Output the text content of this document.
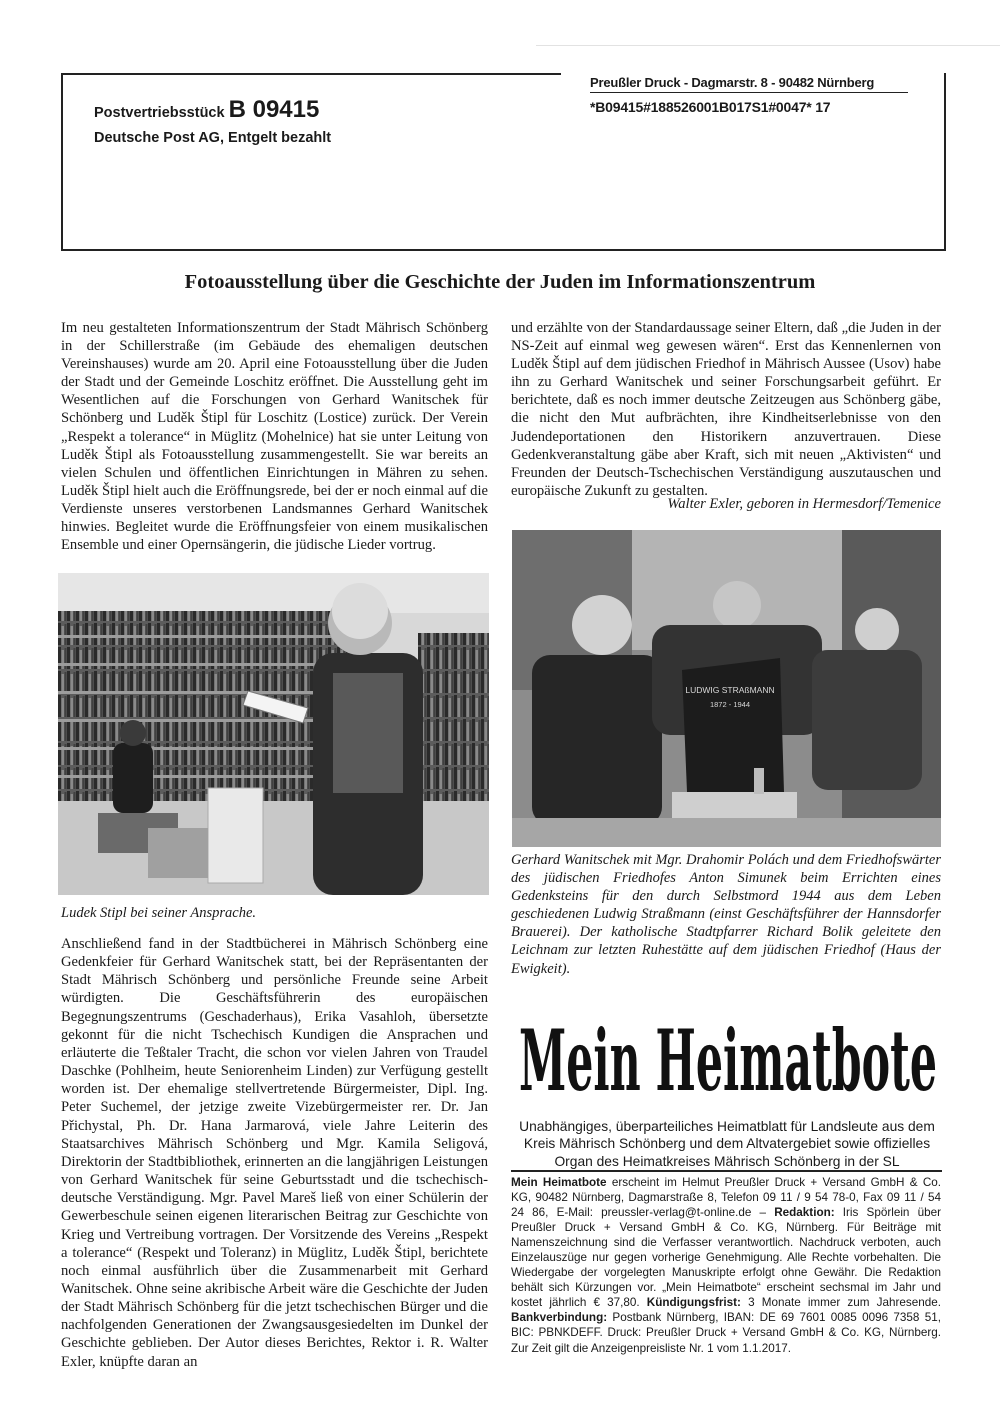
Postvertriebsstück B 09415
Deutsche Post AG, Entgelt bezahlt
Preußler Druck - Dagmarstr. 8 - 90482 Nürnberg
*B09415#188526001B017S1#0047* 17
Fotoausstellung über die Geschichte der Juden im Informationszentrum
Im neu gestalteten Informationszentrum der Stadt Mährisch Schönberg in der Schillerstraße (im Gebäude des ehemaligen deutschen Vereinshauses) wurde am 20. April eine Fotoausstellung über die Juden der Stadt und der Gemeinde Loschitz eröffnet. Die Ausstellung geht im Wesentlichen auf die Forschungen von Gerhard Wanitschek für Schönberg und Luděk Štipl für Loschitz (Lostice) zurück. Der Verein „Respekt a tolerance“ in Müglitz (Mohelnice) hat sie unter Leitung von Luděk Štipl als Fotoausstellung zusammengestellt. Sie war bereits an vielen Schulen und öffentlichen Einrichtungen in Mähren zu sehen. Luděk Štipl hielt auch die Eröffnungsrede, bei der er noch einmal auf die Verdienste unseres verstorbenen Landsmannes Gerhard Wanitschek hinwies. Begleitet wurde die Eröffnungsfeier von einem musikalischen Ensemble und einer Opernsängerin, die jüdische Lieder vortrug.
Ludek Stipl bei seiner Ansprache.
Anschließend fand in der Stadtbücherei in Mährisch Schönberg eine Gedenkfeier für Gerhard Wanitschek statt, bei der Repräsentanten der Stadt Mährisch Schönberg und persönliche Freunde seine Arbeit würdigten. Die Geschäftsführerin des europäischen Begegnungszentrums (Geschaderhaus), Erika Vasahloh, übersetzte gekonnt für die nicht Tschechisch Kundigen die Ansprachen und erläuterte die Teßtaler Tracht, die schon vor vielen Jahren von Traudel Daschke (Pohlheim, heute Seniorenheim Linden) zur Verfügung gestellt worden ist. Der ehemalige stellvertretende Bürgermeister, Dipl. Ing. Peter Suchemel, der jetzige zweite Vizebürgermeister rer. Dr. Jan Přichystal, Ph. Dr. Hana Jarmarová, viele Jahre Leiterin des Staatsarchives Mährisch Schönberg und Mgr. Kamila Seligová, Direktorin der Stadtbibliothek, erinnerten an die langjährigen Leistungen von Gerhard Wanitschek für seine Geburtsstadt und die tschechisch-deutsche Verständigung. Mgr. Pavel Mareš ließ von einer Schülerin der Gewerbeschule seinen eigenen literarischen Beitrag zur Geschichte von Krieg und Vertreibung vortragen. Der Vorsitzende des Vereins „Respekt a tolerance“ (Respekt und Toleranz) in Müglitz, Luděk Štipl, berichtete noch einmal ausführlich über die Zusammenarbeit mit Gerhard Wanitschek. Ohne seine akribische Arbeit wäre die Geschichte der Juden der Stadt Mährisch Schönberg für die jetzt tschechischen Bürger und die nachfolgenden Generationen der Zwangsausgesiedelten im Dunkel der Geschichte geblieben. Der Autor dieses Berichtes, Rektor i. R. Walter Exler, knüpfte daran an
und erzählte von der Standardaussage seiner Eltern, daß „die Juden in der NS-Zeit auf einmal weg gewesen wären“. Erst das Kennenlernen von Luděk Štipl auf dem jüdischen Friedhof in Mährisch Aussee (Usov) habe ihn zu Gerhard Wanitschek und seiner Forschungsarbeit geführt. Er berichtete, daß es noch immer deutsche Zeitzeugen aus Schönberg gäbe, die nicht den Mut aufbrächten, ihre Kindheitserlebnisse von den Judendeportationen den Historikern anzuvertrauen. Diese Gedenkveranstaltung gäbe aber Kraft, sich mit neuen „Aktivisten“ und Freunden der Deutsch-Tschechischen Verständigung auszutauschen und europäische Zukunft zu gestalten.
Walter Exler, geboren in Hermesdorf/Temenice
LUDWIG STRAßMANN
1872 - 1944
Gerhard Wanitschek mit Mgr. Drahomir Polách und dem Friedhofswärter des jüdischen Friedhofes Anton Simunek beim Errichten eines Gedenksteins für den durch Selbstmord 1944 aus dem Leben geschiedenen Ludwig Straßmann (einst Geschäftsführer der Hannsdorfer Brauerei). Der katholische Stadtpfarrer Richard Bolik geleitete den Leichnam zur letzten Ruhestätte auf dem jüdischen Friedhof (Haus der Ewigkeit).
Mein Heimatbote
Unabhängiges, überparteiliches Heimatblatt für Landsleute aus dem Kreis Mährisch Schönberg und dem Altvatergebiet sowie offizielles Organ des Heimatkreises Mährisch Schönberg in der SL
Mein Heimatbote erscheint im Helmut Preußler Druck + Versand GmbH & Co. KG, 90482 Nürnberg, Dagmarstraße 8, Telefon 09 11 / 9 54 78-0, Fax 09 11 / 54 24 86, E-Mail: preussler-verlag@t-online.de – Redaktion: Iris Spörlein über Preußler Druck + Versand GmbH & Co. KG, Nürnberg. Für Beiträge mit Namenszeichnung sind die Verfasser verantwortlich. Nachdruck verboten, auch Einzelauszüge nur gegen vorherige Genehmigung. Alle Rechte vorbehalten. Die Wiedergabe der vorgelegten Manuskripte erfolgt ohne Gewähr. Die Redaktion behält sich Kürzungen vor. „Mein Heimatbote“ erscheint sechsmal im Jahr und kostet jährlich € 37,80. Kündigungsfrist: 3 Monate immer zum Jahresende. Bankverbindung: Postbank Nürnberg, IBAN: DE 69 7601 0085 0096 7358 51, BIC: PBNKDEFF. Druck: Preußler Druck + Versand GmbH & Co. KG, Nürnberg. Zur Zeit gilt die Anzeigenpreisliste Nr. 1 vom 1.1.2017.
